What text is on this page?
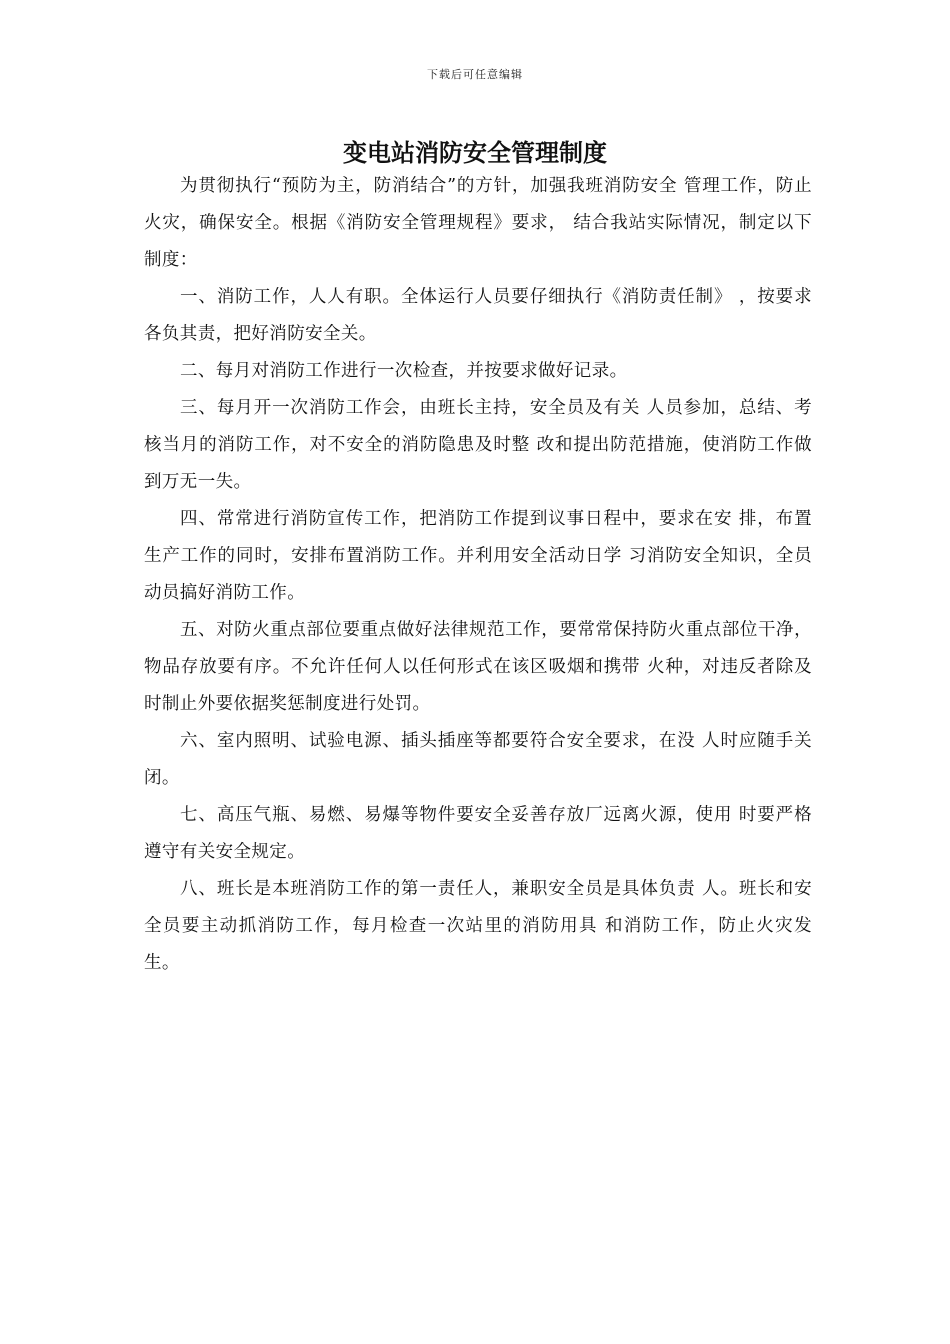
下载后可任意编辑
变电站消防安全管理制度

为贯彻执行“预防为主，防消结合”的方针，加强我班消防安全 管理工作，防止火灾，确保安全。根据《消防安全管理规程》要求， 结合我站实际情况，制定以下制度：

一、消防工作，人人有职。全体运行人员要仔细执行《消防责任制》 ，按要求各负其责，把好消防安全关。

二、每月对消防工作进行一次检查，并按要求做好记录。

三、每月开一次消防工作会，由班长主持，安全员及有关 人员参加，总结、考核当月的消防工作，对不安全的消防隐患及时整 改和提出防范措施，使消防工作做到万无一失。

四、常常进行消防宣传工作，把消防工作提到议事日程中，要求在安 排，布置生产工作的同时，安排布置消防工作。并利用安全活动日学 习消防安全知识，全员动员搞好消防工作。

五、对防火重点部位要重点做好法律规范工作，要常常保持防火重点部位干净，物品存放要有序。不允许任何人以任何形式在该区吸烟和携带 火种，对违反者除及时制止外要依据奖惩制度进行处罚。

六、室内照明、试验电源、插头插座等都要符合安全要求，在没 人时应随手关闭。

七、高压气瓶、易燃、易爆等物件要安全妥善存放厂远离火源，使用 时要严格遵守有关安全规定。

八、班长是本班消防工作的第一责任人，兼职安全员是具体负责 人。班长和安全员要主动抓消防工作，每月检查一次站里的消防用具 和消防工作，防止火灾发生。
